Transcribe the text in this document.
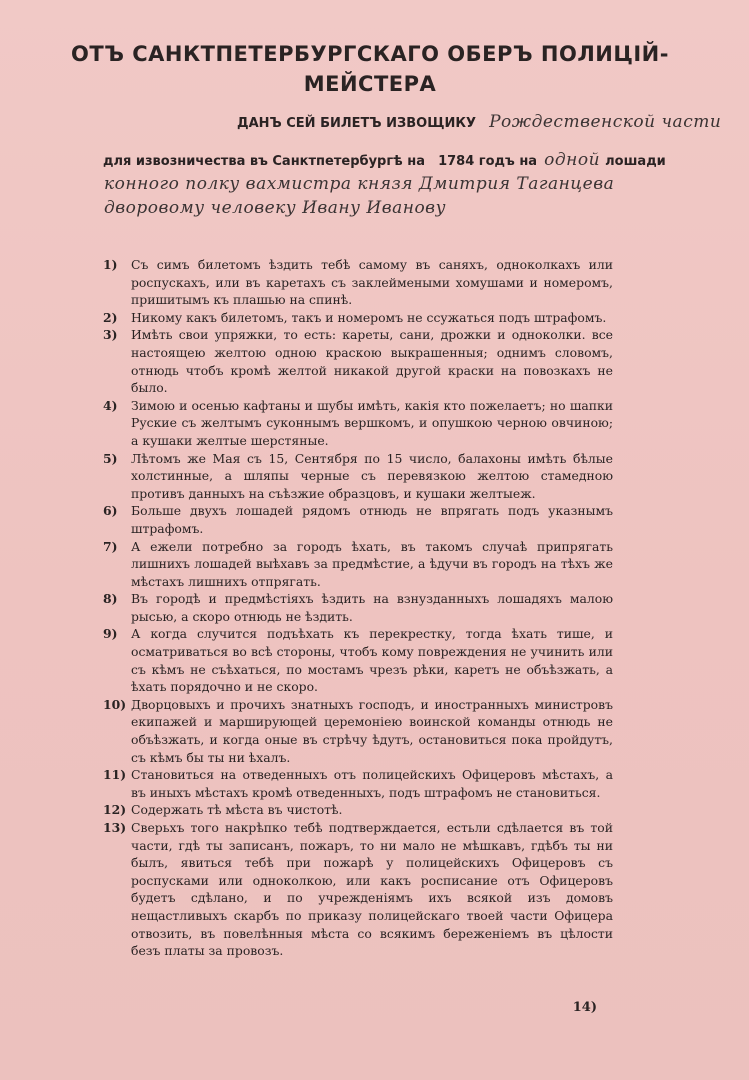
ОТЪ САНКТПЕТЕРБУРГСКАГО ОБЕРЪ ПОЛИЦІЙ-
МЕЙСТЕРА
ДАНЪ СЕЙ БИЛЕТЪ ИЗВОЩИКУ Рождественской части
для извозничества въ Санктпетербургѣ на 1784 годъ на одной лошади
конного полку вахмистра князя Дмитрия Таганцева
дворовому человеку Ивану Иванову
1)	Съ симъ билетомъ ѣздить тебѣ самому въ саняхъ, одноколкахъ или роспускахъ, или въ каретахъ съ заклеймеными хомушами и номеромъ, пришитымъ къ плашью на спинѣ.
2)	Никому какъ билетомъ, такъ и номеромъ не ссужаться подъ штрафомъ.
3)	Имѣть свои упряжки, то есть: кареты, сани, дрожки и одноколки. все настоящею желтою одною краскою выкрашенныя; однимъ словомъ, отнюдь чтобъ кромѣ желтой никакой другой краски на повозкахъ не было.
4)	Зимою и осенью кафтаны и шубы имѣть, какія кто пожелаетъ; но шапки Руские съ желтымъ суконнымъ вершкомъ, и опушкою черною овчиною; а кушаки желтые шерстяные.
5)	Лѣтомъ же Мая съ 15, Сентября по 15 число, балахоны имѣть бѣлые холстинные, а шляпы черные съ перевязкою желтою стамедною противъ данныхъ на съѣзжие образцовъ, и кушаки желтыеж.
6)	Больше двухъ лошадей рядомъ отнюдь не впрягать подъ указнымъ штрафомъ.
7)	А ежели потребно за городъ ѣхать, въ такомъ случаѣ припрягать лишнихъ лошадей выѣхавъ за предмѣстие, а ѣдучи въ городъ на тѣхъ же мѣстахъ лишнихъ отпрягать.
8)	Въ городѣ и предмѣстіяхъ ѣздить на взнузданныхъ лошадяхъ малою рысью, а скоро отнюдь не ѣздить.
9)	А когда случится подъѣхать къ перекрестку, тогда ѣхать тише, и осматриваться во всѣ стороны, чтобъ кому повреждения не учинить или съ кѣмъ не съѣхаться, по мостамъ чрезъ рѣки, каретъ не объѣзжать, а ѣхать порядочно и не скоро.
10) Дворцовыхъ и прочихъ знатныхъ господъ, и иностранныхъ министровъ екипажей и марширующей церемоніею воинской команды отнюдь не объѣзжать, и когда оные въ стрѣчу ѣдутъ, остановиться пока пройдутъ, съ кѣмъ бы ты ни ѣхалъ.
11) Становиться на отведенныхъ отъ полицейскихъ Офицеровъ мѣстахъ, а въ иныхъ мѣстахъ кромѣ отведенныхъ, подъ штрафомъ не становиться.
12) Содержать тѣ мѣста въ чистотѣ.
13) Сверьхъ того накрѣпко тебѣ подтверждается, естьли сдѣлается въ той части, гдѣ ты записанъ, пожаръ, то ни мало не мѣшкавъ, гдѣбъ ты ни былъ, явиться тебѣ при пожарѣ у полицейскихъ Офицеровъ съ роспусками или одноколкою, или какъ росписание отъ Офицеровъ будетъ сдѣлано, и по учрежденіямъ ихъ всякой изъ домовъ нещастливыхъ скарбъ по приказу полицейскаго твоей части Офицера отвозить, въ повелѣнныя мѣста со всякимъ береженіемъ въ цѣлости безъ платы за провозъ.
14)
